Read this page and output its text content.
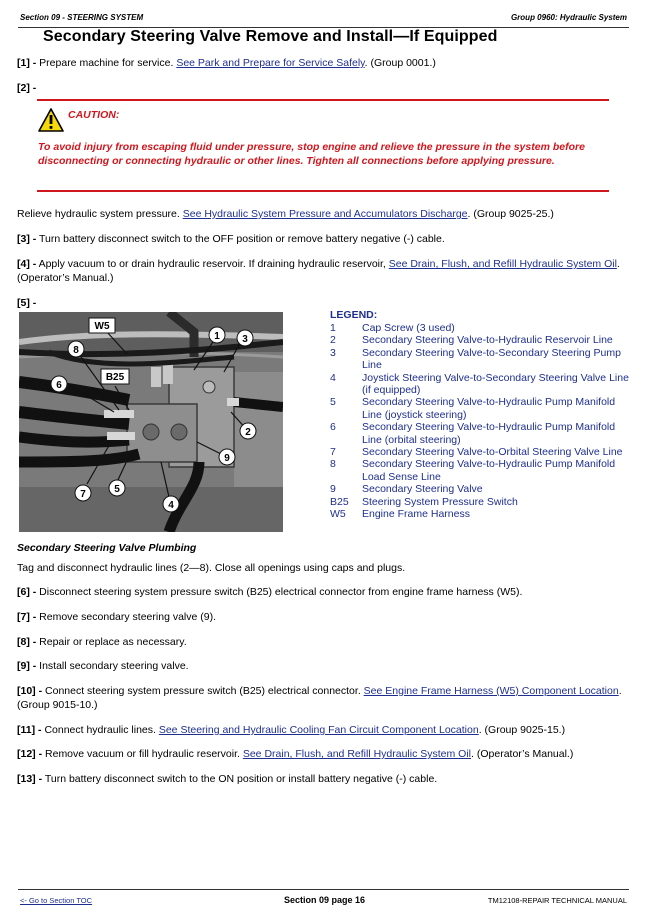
Section 09 - STEERING SYSTEM	Group 0960: Hydraulic System
Secondary Steering Valve Remove and Install—If Equipped
[1] - Prepare machine for service. See Park and Prepare for Service Safely. (Group 0001.)
[2] -
CAUTION:
To avoid injury from escaping fluid under pressure, stop engine and relieve the pressure in the system before disconnecting or connecting hydraulic or other lines. Tighten all connections before applying pressure.
Relieve hydraulic system pressure. See Hydraulic System Pressure and Accumulators Discharge. (Group 9025-25.)
[3] - Turn battery disconnect switch to the OFF position or remove battery negative (-) cable.
[4] - Apply vacuum to or drain hydraulic reservoir. If draining hydraulic reservoir, See Drain, Flush, and Refill Hydraulic System Oil. (Operator’s Manual.)
[5] -
W5
B25
1 3
8
6
2
9
5
7
4
LEGEND:
1	Cap Screw (3 used)
2	Secondary Steering Valve-to-Hydraulic Reservoir Line
3	Secondary Steering Valve-to-Secondary Steering Pump Line
4	Joystick Steering Valve-to-Secondary Steering Valve Line (if equipped)
5	Secondary Steering Valve-to-Hydraulic Pump Manifold Line (joystick steering)
6	Secondary Steering Valve-to-Hydraulic Pump Manifold Line (orbital steering)
7	Secondary Steering Valve-to-Orbital Steering Valve Line
8	Secondary Steering Valve-to-Hydraulic Pump Manifold Load Sense Line
9	Secondary Steering Valve
B25	Steering System Pressure Switch
W5	Engine Frame Harness
Secondary Steering Valve Plumbing
Tag and disconnect hydraulic lines (2—8). Close all openings using caps and plugs.
[6] - Disconnect steering system pressure switch (B25) electrical connector from engine frame harness (W5).
[7] - Remove secondary steering valve (9).
[8] - Repair or replace as necessary.
[9] - Install secondary steering valve.
[10] - Connect steering system pressure switch (B25) electrical connector. See Engine Frame Harness (W5) Component Location. (Group 9015-10.)
[11] - Connect hydraulic lines. See Steering and Hydraulic Cooling Fan Circuit Component Location. (Group 9025-15.)
[12] - Remove vacuum or fill hydraulic reservoir. See Drain, Flush, and Refill Hydraulic System Oil. (Operator’s Manual.)
[13] - Turn battery disconnect switch to the ON position or install battery negative (-) cable.
<- Go to Section TOC	Section 09 page 16	TM12108-REPAIR TECHNICAL MANUAL
